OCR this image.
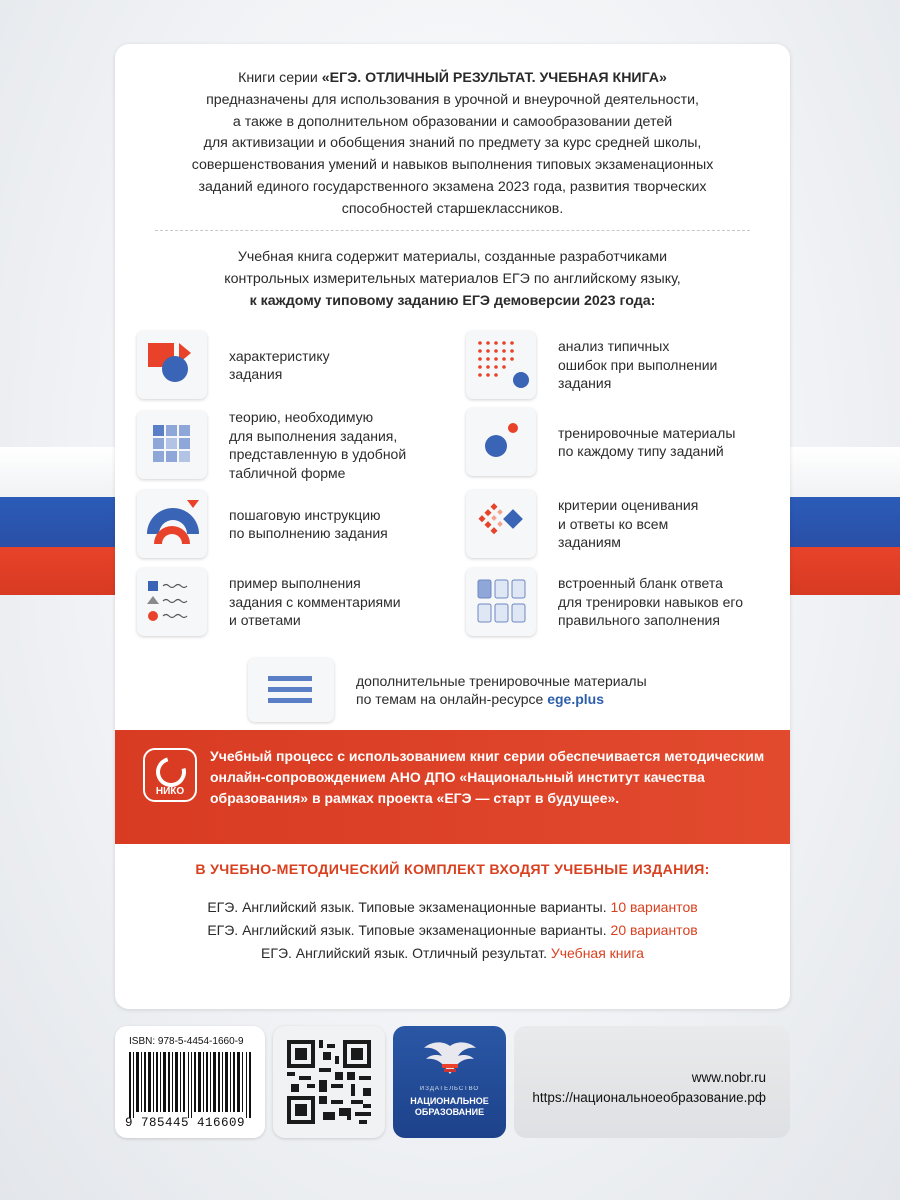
Книги серии «ЕГЭ. ОТЛИЧНЫЙ РЕЗУЛЬТАТ. УЧЕБНАЯ КНИГА»
предназначены для использования в урочной и внеурочной деятельности,
а также в дополнительном образовании и самообразовании детей
для активизации и обобщения знаний по предмету за курс средней школы,
совершенствования умений и навыков выполнения типовых экзаменационных
заданий единого государственного экзамена 2023 года, развития творческих
способностей старшеклассников.
Учебная книга содержит материалы, созданные разработчиками
контрольных измерительных материалов ЕГЭ по английскому языку,
к каждому типовому заданию ЕГЭ демоверсии 2023 года:
характеристику
задания
анализ типичных
ошибок при выполнении
задания
теорию, необходимую
для выполнения задания,
представленную в удобной
табличной форме
тренировочные материалы
по каждому типу заданий
пошаговую инструкцию
по выполнению задания
критерии оценивания
и ответы ко всем
заданиям
пример выполнения
задания с комментариями
и ответами
встроенный бланк ответа
для тренировки навыков его
правильного заполнения
дополнительные тренировочные материалы
по темам на онлайн-ресурсе ege.plus
НИКО
Учебный процесс с использованием книг серии обеспечивается методическим
онлайн-сопровождением АНО ДПО «Национальный институт качества
образования» в рамках проекта «ЕГЭ — старт в будущее».
В УЧЕБНО-МЕТОДИЧЕСКИЙ КОМПЛЕКТ ВХОДЯТ УЧЕБНЫЕ ИЗДАНИЯ:
ЕГЭ. Английский язык. Типовые экзаменационные варианты. 10 вариантов
ЕГЭ. Английский язык. Типовые экзаменационные варианты. 20 вариантов
ЕГЭ. Английский язык. Отличный результат. Учебная книга
ISBN: 978-5-4454-1660-9
9 785445 416609
ИЗДАТЕЛЬСТВО
НАЦИОНАЛЬНОЕ
ОБРАЗОВАНИЕ
www.nobr.ru
https://национальноеобразование.рф
